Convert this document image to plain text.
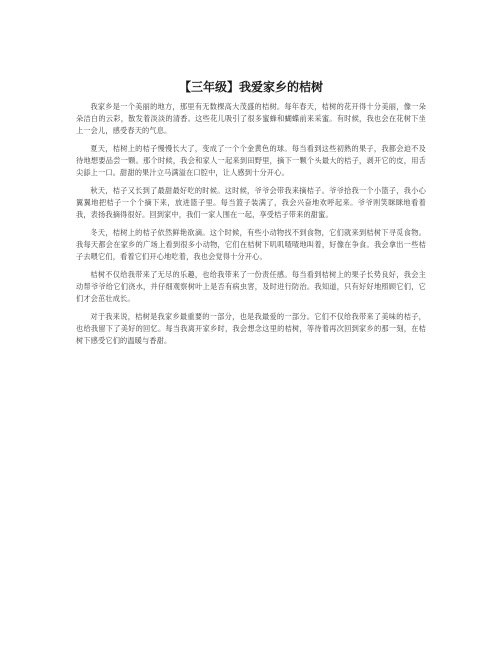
【三年级】我爱家乡的桔树

我家乡是一个美丽的地方，那里有无数棵高大茂盛的桔树。每年春天，桔树的花开得十分美丽，像一朵朵洁白的云彩，散发着淡淡的清香。这些花儿吸引了很多蜜蜂和蝴蝶前来采蜜。有时候，我也会在花树下坐上一会儿，感受春天的气息。

夏天，桔树上的桔子慢慢长大了，变成了一个个金黄色的球。每当看到这些初熟的果子，我都会迫不及待地想要品尝一颗。那个时候，我会和家人一起来到田野里，摘下一颗个头最大的桔子，剥开它的皮，用舌尖舔上一口。甜甜的果汁立马满溢在口腔中，让人感到十分开心。

秋天，桔子又长到了最甜最好吃的时候。这时候，爷爷会带我来摘桔子。爷爷拾我一个小篮子，我小心翼翼地把桔子一个个摘下来，放进篮子里。每当篮子装满了，我会兴奋地欢呼起来。爷爷则笑眯眯地看着我，表扬我摘得很好。回到家中，我们一家人围在一起，享受桔子带来的甜蜜。

冬天，桔树上的桔子依然鲜艳欲滴。这个时候，有些小动物找不到食物，它们就来到桔树下寻觅食物。我每天都会在家乡的广场上看到很多小动物，它们在桔树下叽叽喳喳地叫着，好像在争食。我会拿出一些桔子去喂它们，看着它们开心地吃着，我也会觉得十分开心。

桔树不仅给我带来了无尽的乐趣，也给我带来了一份责任感。每当看到桔树上的果子长势良好，我会主动帮爷爷给它们浇水，并仔细观察树叶上是否有病虫害，及时进行防治。我知道，只有好好地照顾它们，它们才会茁壮成长。

对于我来说，桔树是我家乡最重要的一部分，也是我最爱的一部分。它们不仅给我带来了美味的桔子，也给我留下了美好的回忆。每当我离开家乡时，我会想念这里的桔树，等待着再次回到家乡的那一刻，在桔树下感受它们的温暖与香甜。
